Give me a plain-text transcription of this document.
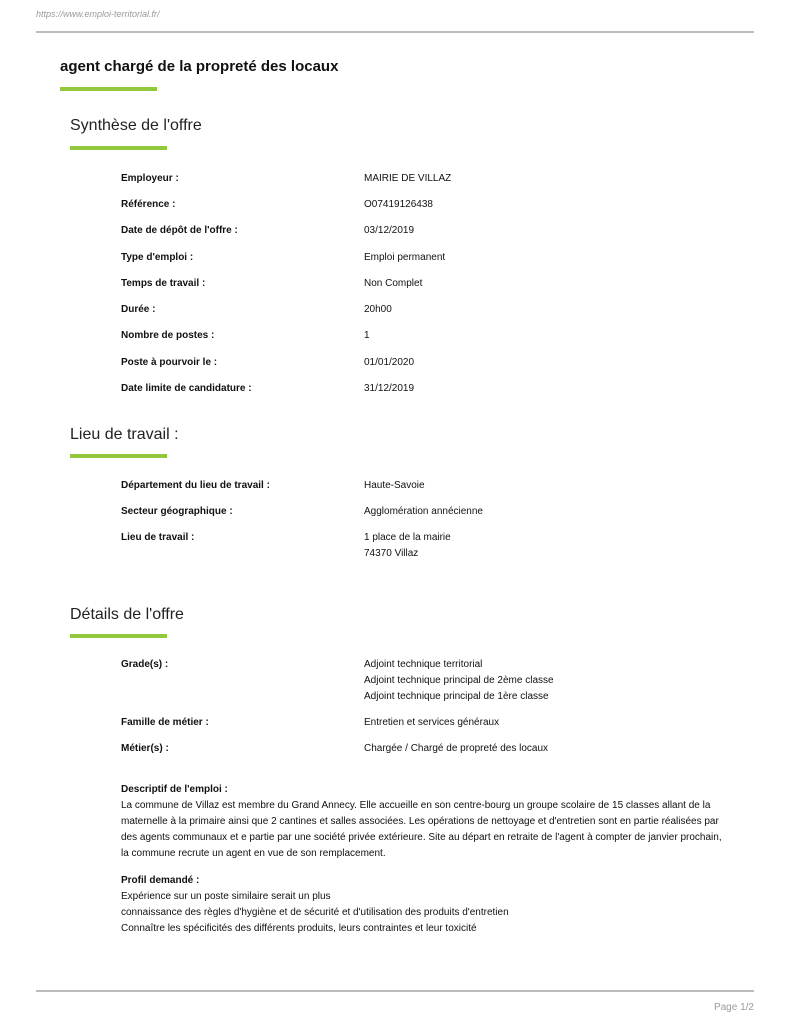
https://www.emploi-territorial.fr/
agent chargé de la propreté des locaux
Synthèse de l'offre
Employeur :	MAIRIE DE VILLAZ
Référence :	O07419126438
Date de dépôt de l'offre :	03/12/2019
Type d'emploi :	Emploi permanent
Temps de travail :	Non Complet
Durée :	20h00
Nombre de postes :	1
Poste à pourvoir le :	01/01/2020
Date limite de candidature :	31/12/2019
Lieu de travail :
Département du lieu de travail :	Haute-Savoie
Secteur géographique :	Agglomération annécienne
Lieu de travail :	1 place de la mairie
74370 Villaz
Détails de l'offre
Grade(s) :	Adjoint technique territorial
Adjoint technique principal de 2ème classe
Adjoint technique principal de 1ère classe
Famille de métier :	Entretien et services généraux
Métier(s) :	Chargée / Chargé de propreté des locaux
Descriptif de l'emploi :
La commune de Villaz est membre du Grand Annecy. Elle accueille en son centre-bourg un groupe scolaire de 15 classes allant de la maternelle à la primaire ainsi que 2 cantines et salles associées. Les opérations de nettoyage et d'entretien sont en partie réalisées par des agents communaux et e partie par une société privée extérieure. Site au départ en retraite de l'agent à compter de janvier prochain, la commune recrute un agent en vue de son remplacement.
Profil demandé :
Expérience sur un poste similaire serait un plus
connaissance des règles d'hygiène et de sécurité et d'utilisation des produits d'entretien
Connaître les spécificités des différents produits, leurs contraintes et leur toxicité
Page 1/2
